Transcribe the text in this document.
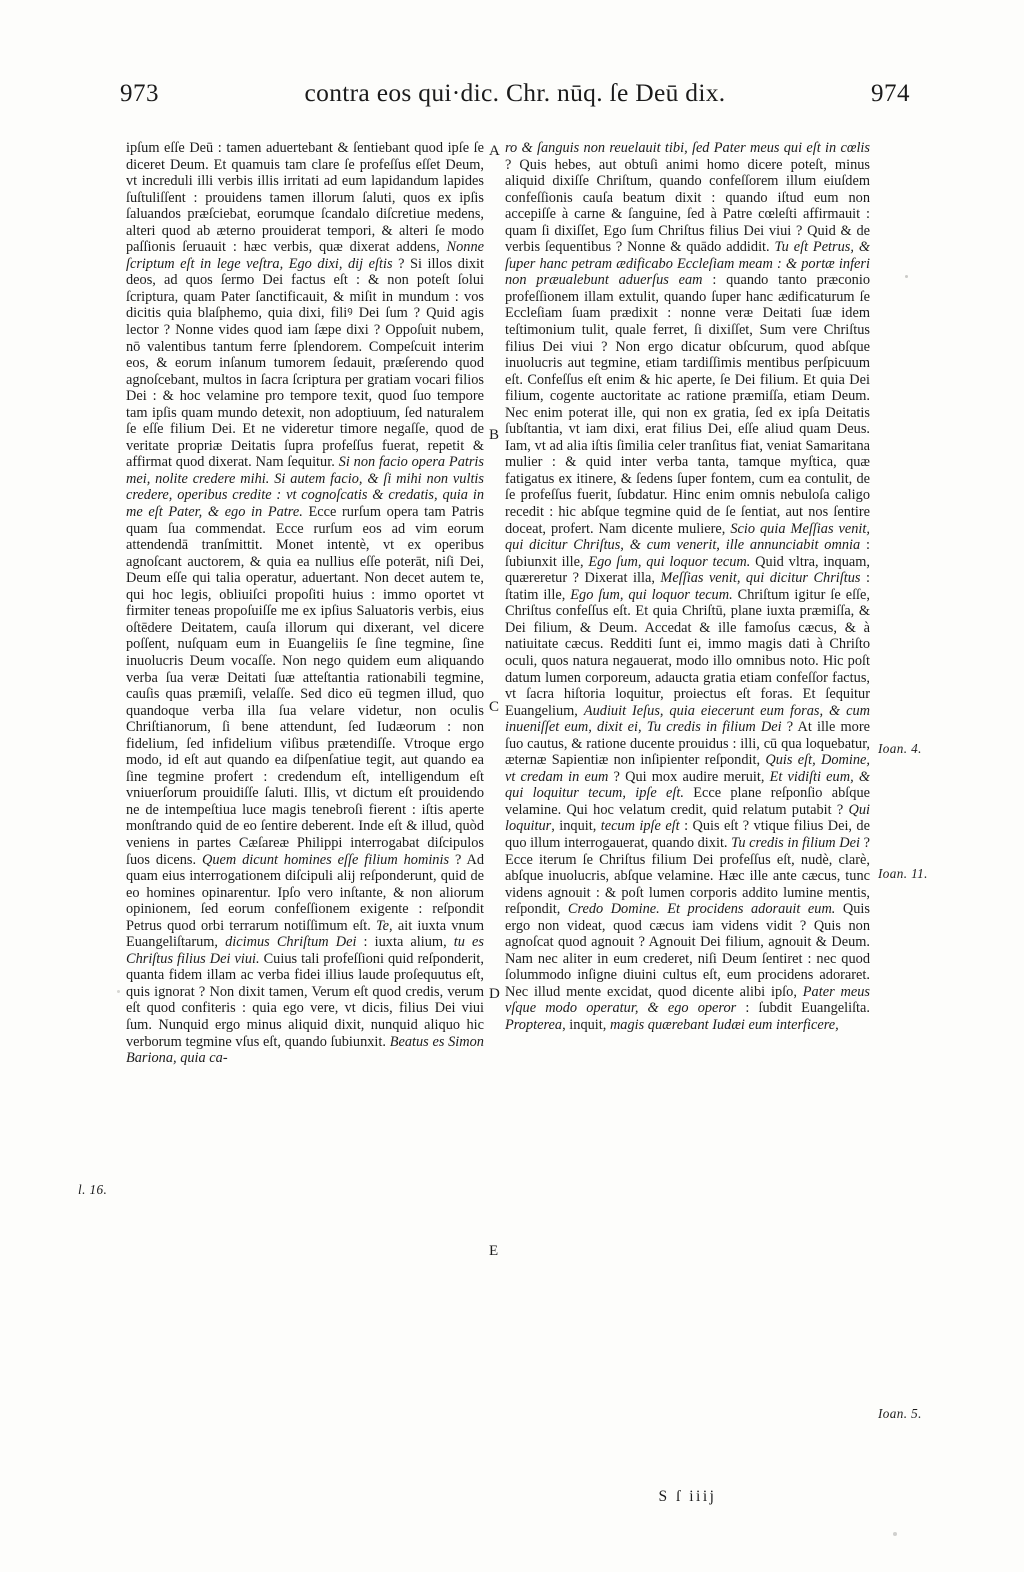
973	contra eos qui·dic. Chr. nūq. ſe Deū dix.	974

ipſum eſſe Deū : tamen aduertebant & ſentiebant quod ipſe ſe diceret Deum. Et quamuis tam clare ſe profeſſus eſſet Deum, vt increduli illi verbis illis irritati ad eum lapidandum lapides ſuſtuliſſent : prouidens tamen illorum ſaluti, quos ex ipſis ſaluandos præſciebat, eorumque ſcandalo diſcretiue medens, alteri quod ab æterno prouiderat tempori, & alteri ſe modo paſſionis ſeruauit : hæc verbis, quæ dixerat addens, Nonne ſcriptum eſt in lege veſtra, Ego dixi, dij eſtis ? Si illos dixit deos, ad quos ſermo Dei factus eſt : & non poteſt ſolui ſcriptura, quam Pater ſanctificauit, & miſit in mundum : vos dicitis quia blaſphemo, quia dixi, filiꝰ Dei ſum ? Quid agis lector ? Nonne vides quod iam ſæpe dixi ? Oppoſuit nubem, nō valentibus tantum ferre ſplendorem. Compeſcuit interim eos, & eorum inſanum tumorem ſedauit, præſerendo quod agnoſcebant, multos in ſacra ſcriptura per gratiam vocari filios Dei : & hoc velamine pro tempore texit, quod ſuo tempore tam ipſis quam mundo detexit, non adoptiuum, ſed naturalem ſe eſſe filium Dei. Et ne videretur timore negaſſe, quod de veritate propriæ Deitatis ſupra profeſſus fuerat, repetit & affirmat quod dixerat. Nam ſequitur. Si non facio opera Patris mei, nolite credere mihi. Si autem facio, & ſi mihi non vultis credere, operibus credite : vt cognoſcatis & credatis, quia in me eſt Pater, & ego in Patre. Ecce rurſum opera tam Patris quam ſua commendat. Ecce rurſum eos ad vim eorum attendendā tranſmittit. Monet intentè, vt ex operibus agnoſcant auctorem, & quia ea nullius eſſe poterāt, niſi Dei, Deum eſſe qui talia operatur, aduertant. Non decet autem te, qui hoc legis, obliuiſci propoſiti huius : immo oportet vt firmiter teneas propoſuiſſe me ex ipſius Saluatoris verbis, eius oſtēdere Deitatem, cauſa illorum qui dixerant, vel dicere poſſent, nuſquam eum in Euangeliis ſe ſine tegmine, ſine inuolucris Deum vocaſſe. Non nego quidem eum aliquando verba ſua veræ Deitati ſuæ atteſtantia rationabili tegmine, cauſis quas præmiſi, velaſſe. Sed dico eū tegmen illud, quo quandoque verba illa ſua velare videtur, non oculis Chriſtianorum, ſi bene attendunt, ſed Iudæorum : non fidelium, ſed infidelium viſibus prætendiſſe. Vtroque ergo modo, id eſt aut quando ea diſpenſatiue tegit, aut quando ea ſine tegmine profert : credendum eſt, intelligendum eſt vniuerſorum prouidiſſe ſaluti. Illis, vt dictum eſt prouidendo ne de intempeſtiua luce magis tenebroſi fierent : iſtis aperte monſtrando quid de eo ſentire deberent. Inde eſt & illud, quòd veniens in partes Cæſareæ Philippi interrogabat diſcipulos ſuos dicens. Quem dicunt homines eſſe filium hominis ? Ad quam eius interrogationem diſcipuli alij reſponderunt, quid de eo homines opinarentur. Ipſo vero inſtante, & non aliorum opinionem, ſed eorum confeſſionem exigente : reſpondit Petrus quod orbi terrarum notiſſimum eſt. Te, ait iuxta vnum Euangeliſtarum, dicimus Chriſtum Dei : iuxta alium, tu es Chriſtus filius Dei viui. Cuius tali profeſſioni quid reſponderit, quanta fidem illam ac verba fidei illius laude proſequutus eſt, quis ignorat ? Non dixit tamen, Verum eſt quod credis, verum eſt quod confiteris : quia ego vere, vt dicis, filius Dei viui ſum. Nunquid ergo minus aliquid dixit, nunquid aliquo hic verborum tegmine vſus eſt, quando ſubiunxit. Beatus es Simon Bariona, quia ca-

ro & ſanguis non reuelauit tibi, ſed Pater meus qui eſt in cœlis ? Quis hebes, aut obtuſi animi homo dicere poteſt, minus aliquid dixiſſe Chriſtum, quando confeſſorem illum eiuſdem confeſſionis cauſa beatum dixit : quando iſtud eum non accepiſſe à carne & ſanguine, ſed à Patre cœleſti affirmauit : quam ſi dixiſſet, Ego ſum Chriſtus filius Dei viui ? Quid & de verbis ſequentibus ? Nonne & quādo addidit. Tu eſt Petrus, & ſuper hanc petram ædificabo Eccleſiam meam : & portæ inferi non præualebunt aduerſus eam : quando tanto præconio profeſſionem illam extulit, quando ſuper hanc ædificaturum ſe Eccleſiam ſuam prædixit : nonne veræ Deitati ſuæ idem teſtimonium tulit, quale ferret, ſi dixiſſet, Sum vere Chriſtus filius Dei viui ? Non ergo dicatur obſcurum, quod abſque inuolucris aut tegmine, etiam tardiſſimis mentibus perſpicuum eſt. Confeſſus eſt enim & hic aperte, ſe Dei filium. Et quia Dei filium, cogente auctoritate ac ratione præmiſſa, etiam Deum. Nec enim poterat ille, qui non ex gratia, ſed ex ipſa Deitatis ſubſtantia, vt iam dixi, erat filius Dei, eſſe aliud quam Deus. Iam, vt ad alia iſtis ſimilia celer tranſitus fiat, veniat Samaritana mulier : & quid inter verba tanta, tamque myſtica, quæ fatigatus ex itinere, & ſedens ſuper fontem, cum ea contulit, de ſe profeſſus fuerit, ſubdatur. Hinc enim omnis nebuloſa caligo recedit : hic abſque tegmine quid de ſe ſentiat, aut nos ſentire doceat, profert. Nam dicente muliere, Scio quia Meſſias venit, qui dicitur Chriſtus, & cum venerit, ille annunciabit omnia : ſubiunxit ille, Ego ſum, qui loquor tecum. Quid vltra, inquam, quæreretur ? Dixerat illa, Meſſias venit, qui dicitur Chriſtus : ſtatim ille, Ego ſum, qui loquor tecum. Chriſtum igitur ſe eſſe, Chriſtus confeſſus eſt. Et quia Chriſtū, plane iuxta præmiſſa, & Dei filium, & Deum. Accedat & ille famoſus cæcus, & à natiuitate cæcus. Redditi ſunt ei, immo magis dati à Chriſto oculi, quos natura negauerat, modo illo omnibus noto. Hic poſt datum lumen corporeum, adaucta gratia etiam confeſſor factus, vt ſacra hiſtoria loquitur, proiectus eſt foras. Et ſequitur Euangelium, Audiuit Ieſus, quia eiecerunt eum foras, & cum inueniſſet eum, dixit ei, Tu credis in filium Dei ? At ille more ſuo cautus, & ratione ducente prouidus : illi, cū qua loquebatur, æternæ Sapientiæ non inſipienter reſpondit, Quis eſt, Domine, vt credam in eum ? Qui mox audire meruit, Et vidiſti eum, & qui loquitur tecum, ipſe eſt. Ecce plane reſponſio abſque velamine. Qui hoc velatum credit, quid relatum putabit ? Qui loquitur, inquit, tecum ipſe eſt : Quis eſt ? vtique filius Dei, de quo illum interrogauerat, quando dixit. Tu credis in filium Dei ? Ecce iterum ſe Chriſtus filium Dei profeſſus eſt, nudè, clarè, abſque inuolucris, abſque velamine. Hæc ille ante cæcus, tunc videns agnouit : & poſt lumen corporis addito lumine mentis, reſpondit, Credo Domine. Et procidens adorauit eum. Quis ergo non videat, quod cæcus iam videns vidit ? Quis non agnoſcat quod agnouit ? Agnouit Dei filium, agnouit & Deum. Nam nec aliter in eum crederet, niſi Deum ſentiret : nec quod ſolummodo inſigne diuini cultus eſt, eum procidens adoraret. Nec illud mente excidat, quod dicente alibi ipſo, Pater meus vſque modo operatur, & ego operor : ſubdit Euangeliſta. Propterea, inquit, magis quærebant Iudæi eum interficere,

A
B
C
D
E
l. 16.
Ioan. 4.
Ioan. 11.
Ioan. 5.
S ſ iiij
